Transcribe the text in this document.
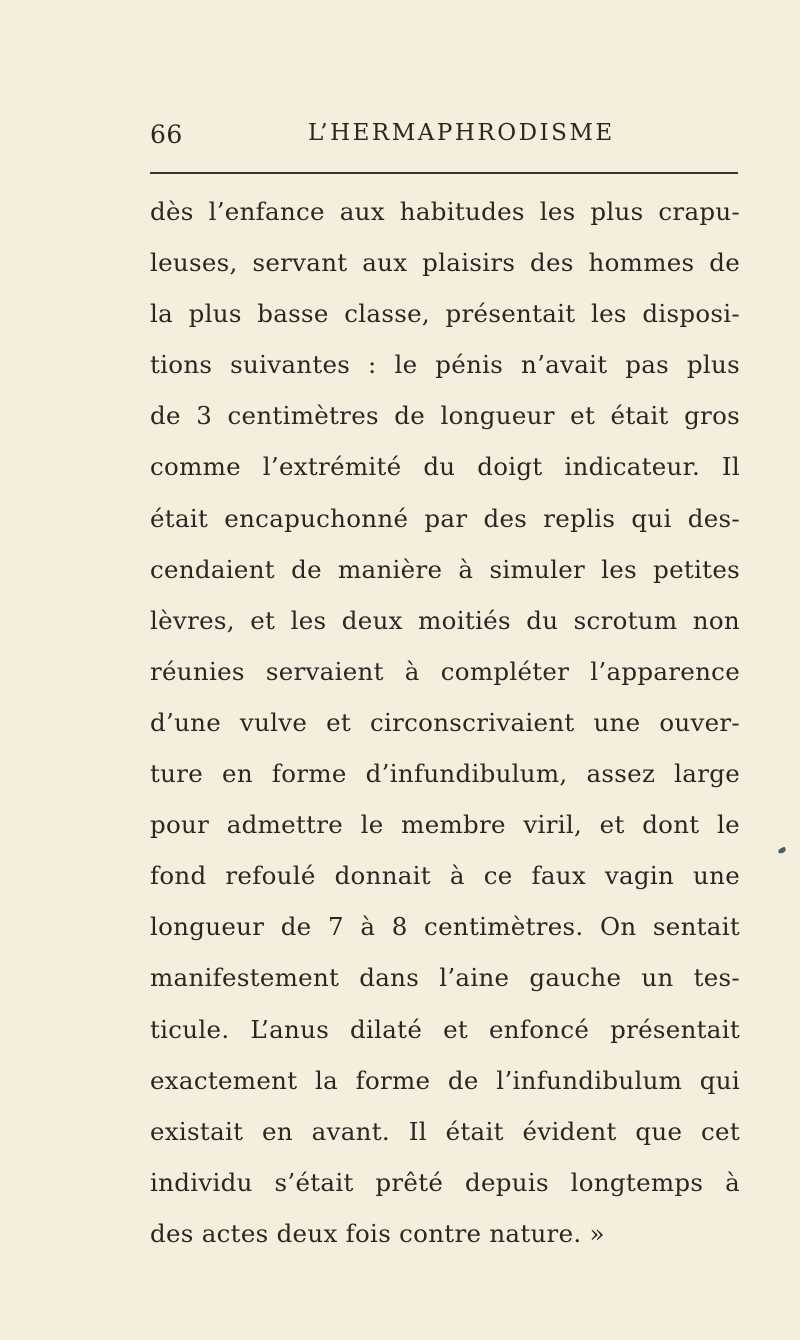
66	L’HERMAPHRODISME
dès l’enfance aux habitudes les plus crapu-
leuses, servant aux plaisirs des hommes de
la plus basse classe, présentait les disposi-
tions suivantes : le pénis n’avait pas plus
de 3 centimètres de longueur et était gros
comme l’extrémité du doigt indicateur. Il
était encapuchonné par des replis qui des-
cendaient de manière à simuler les petites
lèvres, et les deux moitiés du scrotum non
réunies servaient à compléter l’apparence
d’une vulve et circonscrivaient une ouver-
ture en forme d’infundibulum, assez large
pour admettre le membre viril, et dont le
fond refoulé donnait à ce faux vagin une
longueur de 7 à 8 centimètres. On sentait
manifestement dans l’aine gauche un tes-
ticule. L’anus dilaté et enfoncé présentait
exactement la forme de l’infundibulum qui
existait en avant. Il était évident que cet
individu s’était prêté depuis longtemps à
des actes deux fois contre nature. »
